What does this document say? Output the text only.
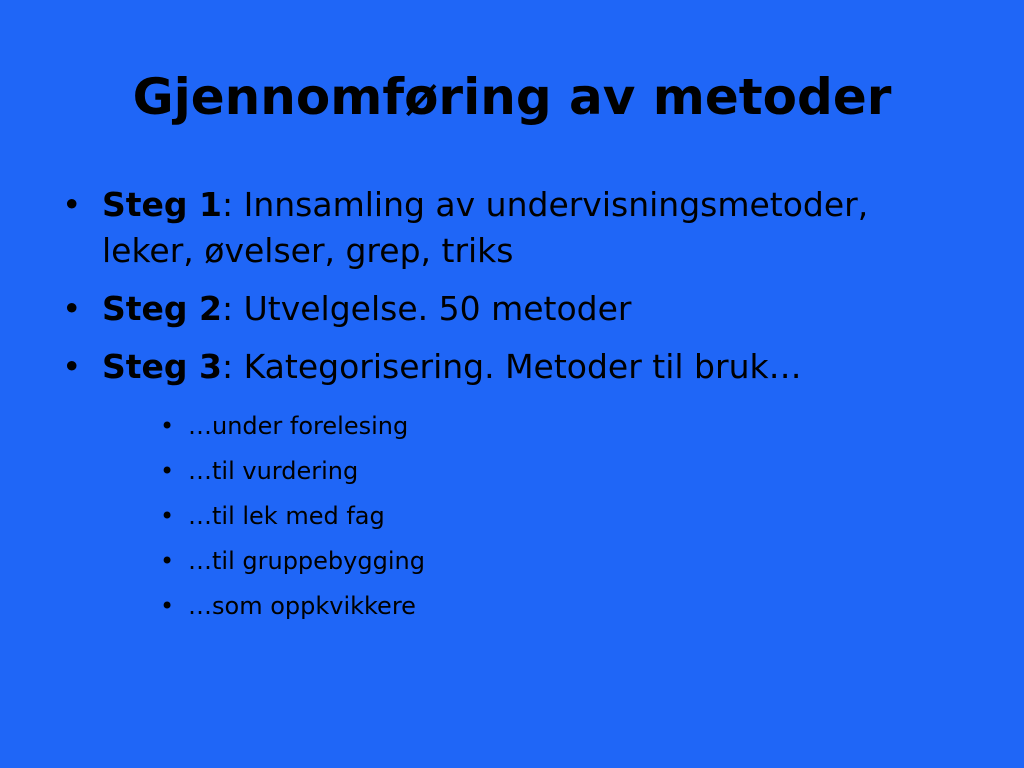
Gjennomføring av metoder
• Steg 1: Innsamling av undervisningsmetoder, leker, øvelser, grep, triks
• Steg 2: Utvelgelse. 50 metoder
• Steg 3: Kategorisering. Metoder til bruk…
• …under forelesing
• …til vurdering
• …til lek med fag
• …til gruppebygging
• …som oppkvikkere
